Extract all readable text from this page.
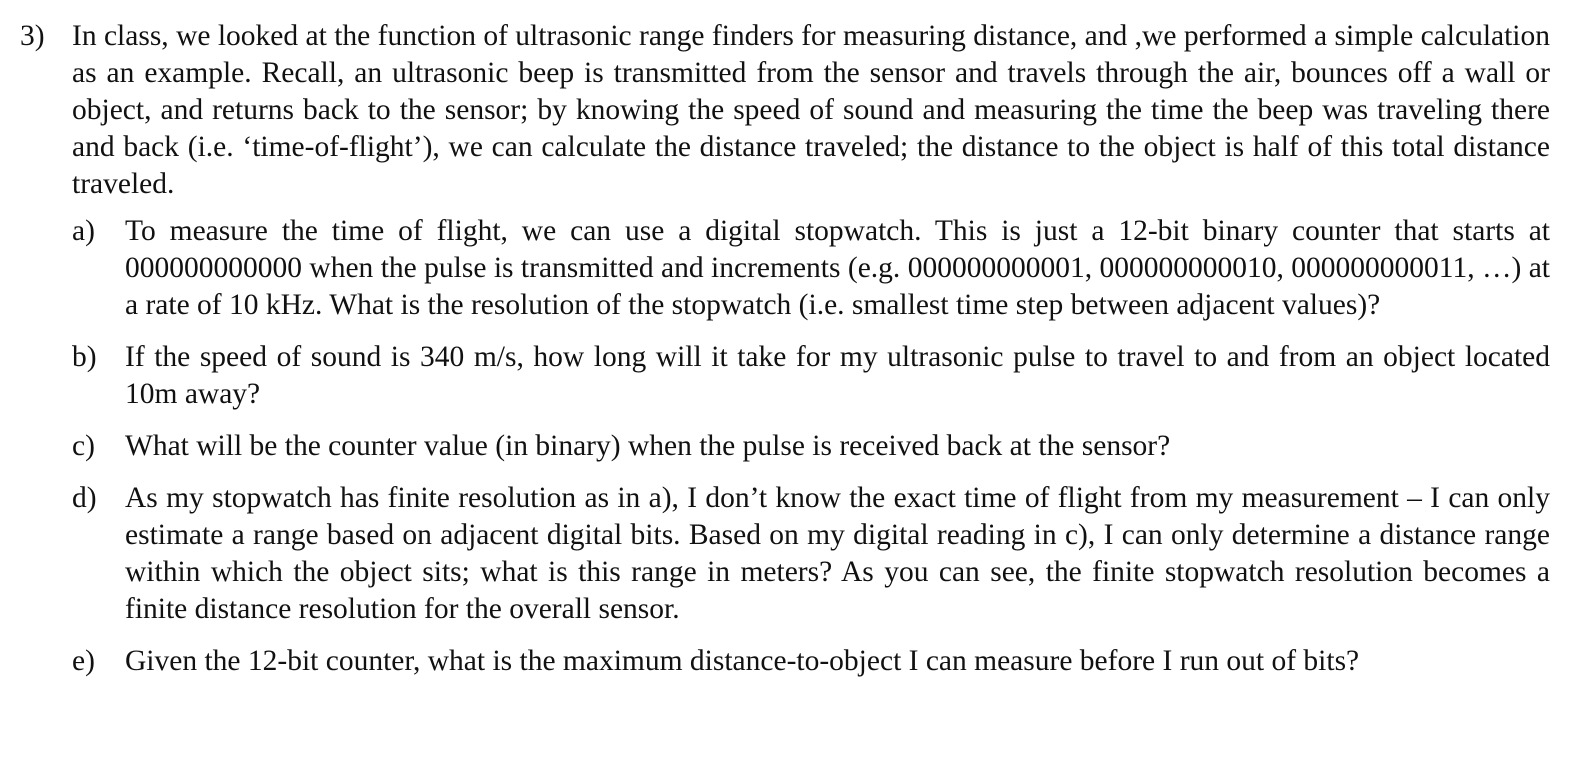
3) In class, we looked at the function of ultrasonic range finders for measuring distance, and ,we performed a simple calculation as an example. Recall, an ultrasonic beep is transmitted from the sensor and travels through the air, bounces off a wall or object, and returns back to the sensor; by knowing the speed of sound and measuring the time the beep was traveling there and back (i.e. ‘time-of-flight’), we can calculate the distance traveled; the distance to the object is half of this total distance traveled.
a) To measure the time of flight, we can use a digital stopwatch. This is just a 12-bit binary counter that starts at 000000000000 when the pulse is transmitted and increments (e.g. 000000000001, 000000000010, 000000000011, …) at a rate of 10 kHz. What is the resolution of the stopwatch (i.e. smallest time step between adjacent values)?
b) If the speed of sound is 340 m/s, how long will it take for my ultrasonic pulse to travel to and from an object located 10m away?
c) What will be the counter value (in binary) when the pulse is received back at the sensor?
d) As my stopwatch has finite resolution as in a), I don’t know the exact time of flight from my measurement – I can only estimate a range based on adjacent digital bits. Based on my digital reading in c), I can only determine a distance range within which the object sits; what is this range in meters? As you can see, the finite stopwatch resolution becomes a finite distance resolution for the overall sensor.
e) Given the 12-bit counter, what is the maximum distance-to-object I can measure before I run out of bits?
